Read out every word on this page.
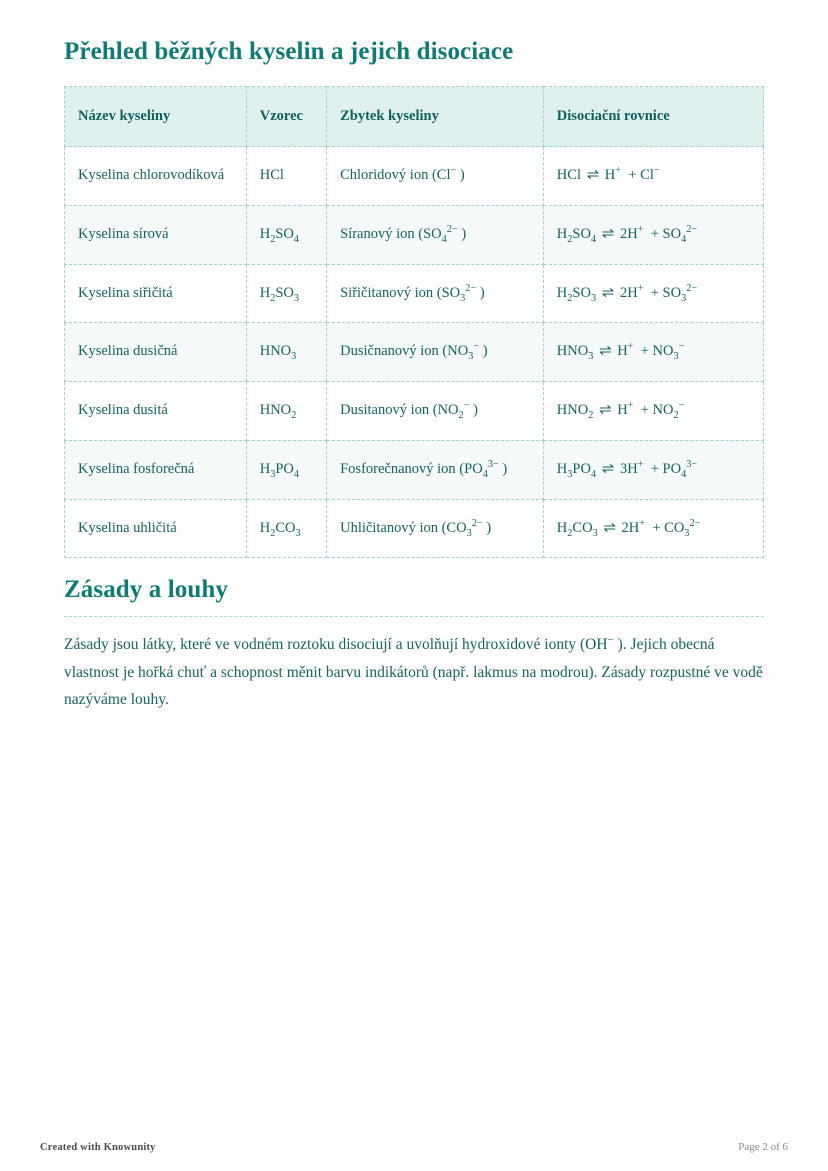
Přehled běžných kyselin a jejich disociace
Název kyseliny	Vzorec	Zbytek kyseliny	Disociační rovnice
Kyselina chlorovodíková	HCl	Chloridový ion (Cl− )	HCl ⇌ H+  + Cl−
Kyselina sírová	$H_2SO_4$	Síranový ion ($SO_4^{2-}$ )	$H_2SO_4$ ⇌ $2H^+ + SO_4^{2-}$
Kyselina siřičitá	$H_2SO_3$	Siřičitanový ion ($SO_3^{2-}$ )	$H_2SO_3$ ⇌ $2H^+ + SO_3^{2-}$
Kyselina dusičná	$HNO_3$	Dusičnanový ion ($NO_3^-$ )	$HNO_3$ ⇌ $H^+ + NO_3^-$
Kyselina dusitá	$HNO_2$	Dusitanový ion ($NO_2^-$ )	$HNO_2$ ⇌ $H^+ + NO_2^-$
Kyselina fosforečná	$H_3PO_4$	Fosforečnanový ion ($PO_4^{3-}$ )	$H_3PO_4$ ⇌ $3H^+ + PO_4^{3-}$
Kyselina uhličitá	$H_2CO_3$	Uhličitanový ion ($CO_3^{2-}$ )	$H_2CO_3$ ⇌ $2H^+ + CO_3^{2-}$
Zásady a louhy

Zásady jsou látky, které ve vodném roztoku disociují a uvolňují hydroxidové ionty (OH− ). Jejich obecná vlastnost je hořká chuť a schopnost měnit barvu indikátorů (např. lakmus na modrou). Zásady rozpustné ve vodě nazýváme louhy.

Created with Knowunity	Page 2 of 6
